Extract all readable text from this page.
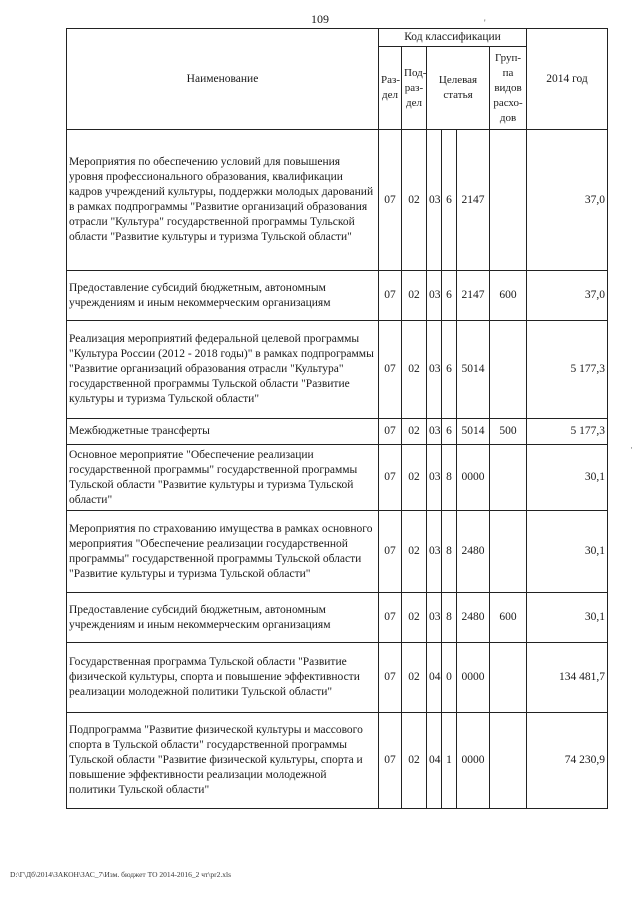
109
Наименование	Код классификации						2014 год
	Раз-дел	Под-раз-дел	Целевая статья			Груп-па видов расхо-дов	
Мероприятия по обеспечению условий для повышения уровня профессионального образования, квалификации кадров учреждений культуры, поддержки молодых дарований в рамках подпрограммы "Развитие организаций образования отрасли "Культура" государственной программы Тульской области "Развитие культуры и туризма Тульской области"	07	02	03	6	2147		37,0
Предоставление субсидий бюджетным, автономным учреждениям и иным некоммерческим организациям	07	02	03	6	2147	600	37,0
Реализация мероприятий федеральной целевой программы "Культура России (2012 - 2018 годы)" в рамках подпрограммы "Развитие организаций образования отрасли "Культура" государственной программы Тульской области "Развитие культуры и туризма Тульской области"	07	02	03	6	5014		5 177,3
Межбюджетные трансферты	07	02	03	6	5014	500	5 177,3
Основное мероприятие "Обеспечение реализации государственной программы" государственной программы Тульской области "Развитие культуры и туризма Тульской области"	07	02	03	8	0000		30,1
Мероприятия по страхованию имущества в рамках основного мероприятия "Обеспечение реализации государственной программы" государственной программы Тульской области "Развитие культуры и туризма Тульской области"	07	02	03	8	2480		30,1
Предоставление субсидий бюджетным, автономным учреждениям и иным некоммерческим организациям	07	02	03	8	2480	600	30,1
Государственная программа Тульской области "Развитие физической культуры, спорта и повышение эффективности реализации молодежной политики Тульской области"	07	02	04	0	0000		134 481,7
Подпрограмма "Развитие физической культуры и массового спорта в Тульской области" государственной программы Тульской области "Развитие физической культуры, спорта и повышение эффективности реализации молодежной политики Тульской области"	07	02	04	1	0000		74 230,9
'
·
D:\Г\Дб\2014\ЗАКОН\ЗАС_7\Изм. бюджет ТО 2014-2016_2 чт\pr2.xls
